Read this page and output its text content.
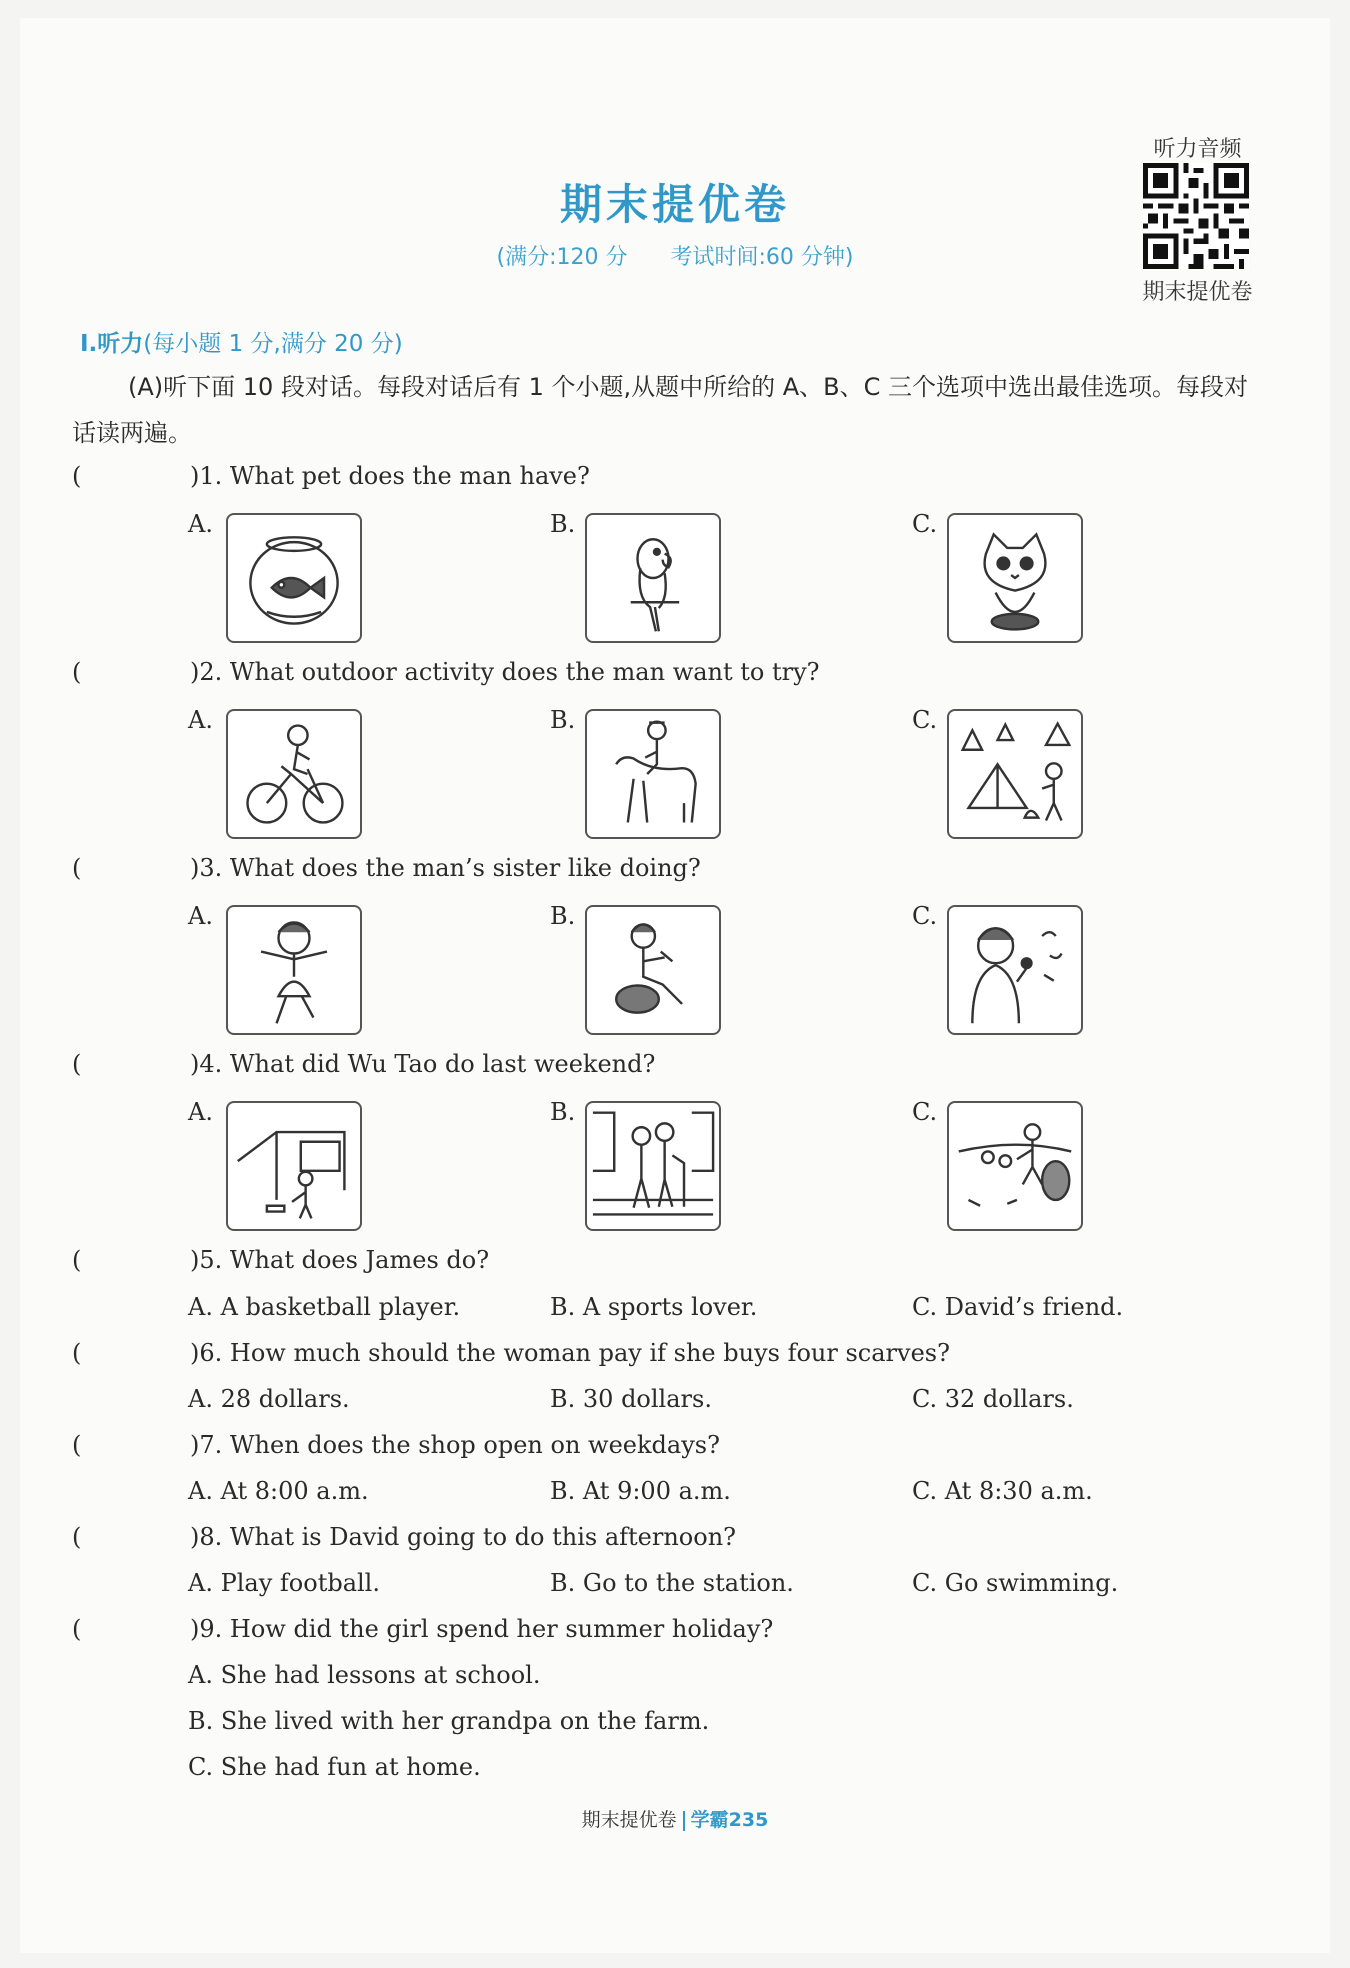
期末提优卷
(满分:120 分 考试时间:60 分钟)
听力音频
期末提优卷
Ⅰ.听力(每小题 1 分,满分 20 分)
(A)听下面 10 段对话。每段对话后有 1 个小题,从题中所给的 A、B、C 三个选项中选出最佳选项。每段对话读两遍。
(	)1. What pet does the man have?
A.	B.	C.
(	)2. What outdoor activity does the man want to try?
A.	B.	C.
(	)3. What does the man’s sister like doing?
A.	B.	C.
(	)4. What did Wu Tao do last weekend?
A.	B.	C.
(	)5. What does James do?
A. A basketball player.	B. A sports lover.	C. David’s friend.
(	)6. How much should the woman pay if she buys four scarves?
A. 28 dollars.	B. 30 dollars.	C. 32 dollars.
(	)7. When does the shop open on weekdays?
A. At 8:00 a.m.	B. At 9:00 a.m.	C. At 8:30 a.m.
(	)8. What is David going to do this afternoon?
A. Play football.	B. Go to the station.	C. Go swimming.
(	)9. How did the girl spend her summer holiday?
A. She had lessons at school.
B. She lived with her grandpa on the farm.
C. She had fun at home.
期末提优卷 学霸235
